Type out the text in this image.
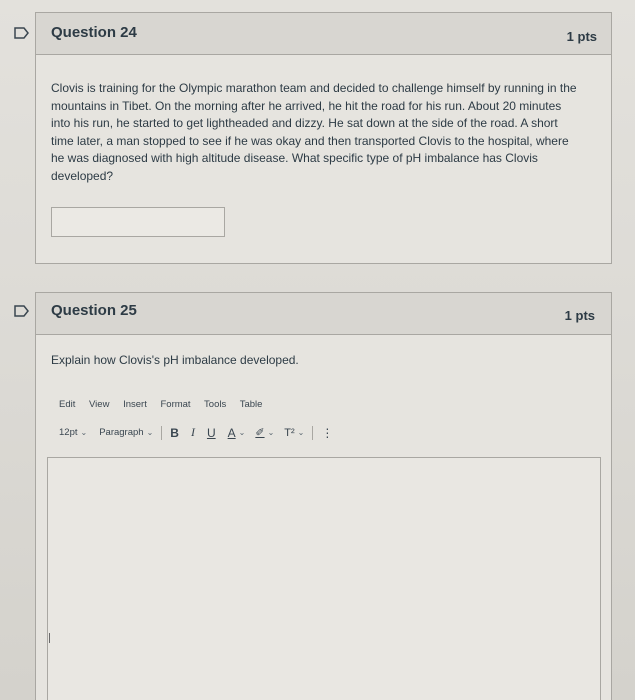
Question 24	1 pts
Clovis is training for the Olympic marathon team and decided to challenge himself by running in the
mountains in Tibet. On the morning after he arrived, he hit the road for his run. About 20 minutes
into his run, he started to get lightheaded and dizzy. He sat down at the side of the road. A short
time later, a man stopped to see if he was okay and then transported Clovis to the hospital, where
he was diagnosed with high altitude disease. What specific type of pH imbalance has Clovis
developed?
Question 25	1 pts
Explain how Clovis's pH imbalance developed.
Edit View Insert Format Tools Table
12pt ⌄ Paragraph ⌄ B I U A ⌄ ✐ ⌄ T² ⌄ ⋮
